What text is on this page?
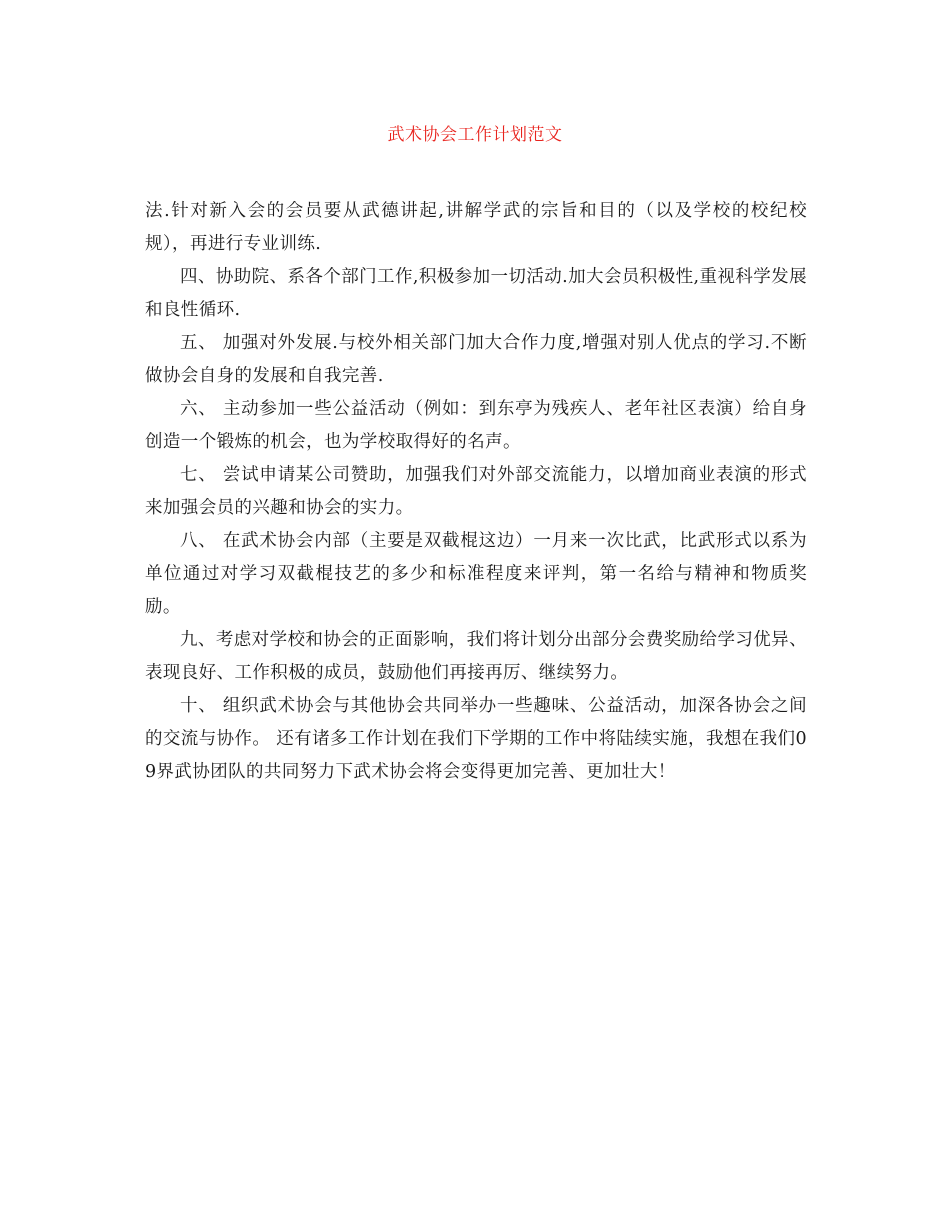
武术协会工作计划范文

法.针对新入会的会员要从武德讲起,讲解学武的宗旨和目的（以及学校的校纪校规），再进行专业训练.

四、协助院、系各个部门工作,积极参加一切活动.加大会员积极性,重视科学发展和良性循环.

五、 加强对外发展.与校外相关部门加大合作力度,增强对别人优点的学习.不断做协会自身的发展和自我完善.

六、 主动参加一些公益活动（例如：到东亭为残疾人、老年社区表演）给自身创造一个锻炼的机会，也为学校取得好的名声。

七、 尝试申请某公司赞助，加强我们对外部交流能力，以增加商业表演的形式来加强会员的兴趣和协会的实力。

八、 在武术协会内部（主要是双截棍这边）一月来一次比武，比武形式以系为单位通过对学习双截棍技艺的多少和标准程度来评判，第一名给与精神和物质奖励。

九、考虑对学校和协会的正面影响，我们将计划分出部分会费奖励给学习优异、表现良好、工作积极的成员，鼓励他们再接再厉、继续努力。

十、 组织武术协会与其他协会共同举办一些趣味、公益活动，加深各协会之间的交流与协作。 还有诸多工作计划在我们下学期的工作中将陆续实施，我想在我们09界武协团队的共同努力下武术协会将会变得更加完善、更加壮大！
